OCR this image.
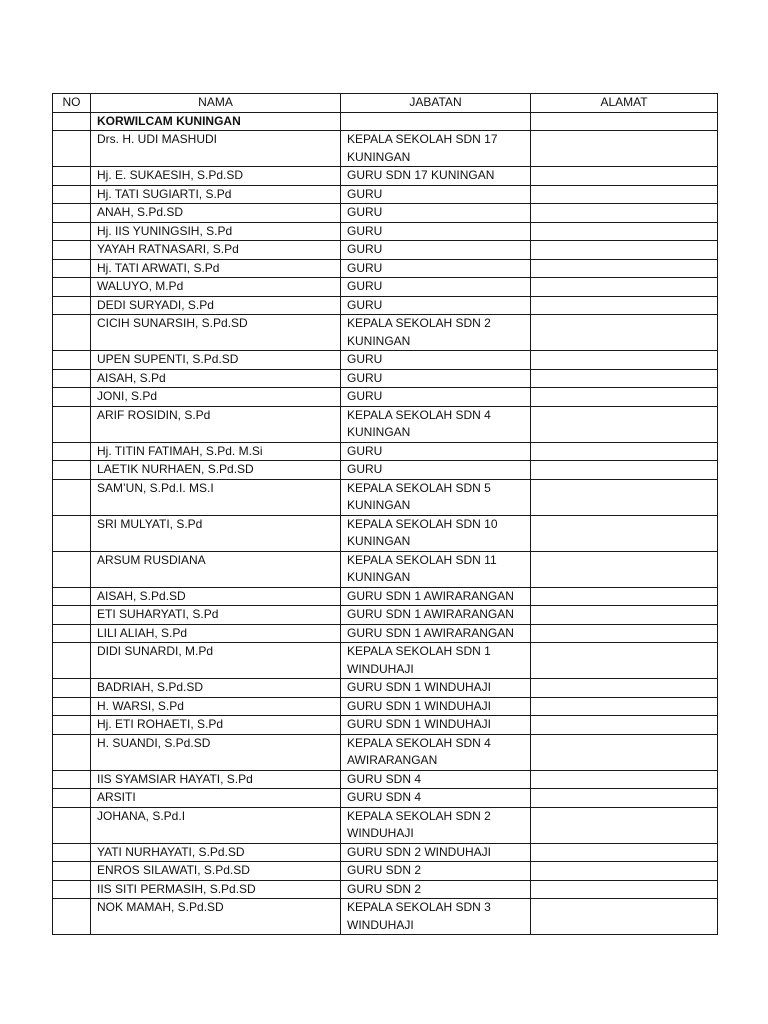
NO	NAMA	JABATAN	ALAMAT
	KORWILCAM KUNINGAN		
	Drs. H. UDI MASHUDI	KEPALA SEKOLAH SDN 17 KUNINGAN	
	Hj. E. SUKAESIH, S.Pd.SD	GURU SDN 17 KUNINGAN	
	Hj. TATI SUGIARTI, S.Pd	GURU	
	ANAH, S.Pd.SD	GURU	
	Hj. IIS YUNINGSIH, S.Pd	GURU	
	YAYAH RATNASARI, S.Pd	GURU	
	Hj. TATI ARWATI, S.Pd	GURU	
	WALUYO, M.Pd	GURU	
	DEDI SURYADI, S.Pd	GURU	
	CICIH SUNARSIH, S.Pd.SD	KEPALA SEKOLAH SDN 2 KUNINGAN	
	UPEN SUPENTI, S.Pd.SD	GURU	
	AISAH, S.Pd	GURU	
	JONI, S.Pd	GURU	
	ARIF ROSIDIN, S.Pd	KEPALA SEKOLAH SDN 4 KUNINGAN	
	Hj. TITIN FATIMAH, S.Pd. M.Si	GURU	
	LAETIK NURHAEN, S.Pd.SD	GURU	
	SAM’UN, S.Pd.I. MS.I	KEPALA SEKOLAH SDN 5 KUNINGAN	
	SRI MULYATI, S.Pd	KEPALA SEKOLAH SDN 10 KUNINGAN	
	ARSUM RUSDIANA	KEPALA SEKOLAH SDN 11 KUNINGAN	
	AISAH, S.Pd.SD	GURU SDN 1 AWIRARANGAN	
	ETI SUHARYATI, S.Pd	GURU SDN 1 AWIRARANGAN	
	LILI ALIAH, S.Pd	GURU SDN 1 AWIRARANGAN	
	DIDI SUNARDI, M.Pd	KEPALA SEKOLAH SDN 1 WINDUHAJI	
	BADRIAH, S.Pd.SD	GURU SDN 1 WINDUHAJI	
	H. WARSI, S.Pd	GURU SDN 1 WINDUHAJI	
	Hj. ETI ROHAETI, S.Pd	GURU SDN 1 WINDUHAJI	
	H. SUANDI, S.Pd.SD	KEPALA SEKOLAH SDN 4 AWIRARANGAN	
	IIS SYAMSIAR HAYATI, S.Pd	GURU SDN 4	
	ARSITI	GURU SDN 4	
	JOHANA, S.Pd.I	KEPALA SEKOLAH SDN 2 WINDUHAJI	
	YATI NURHAYATI, S.Pd.SD	GURU SDN 2 WINDUHAJI	
	ENROS SILAWATI, S.Pd.SD	GURU SDN 2	
	IIS SITI PERMASIH, S.Pd.SD	GURU SDN 2	
	NOK MAMAH, S.Pd.SD	KEPALA SEKOLAH SDN 3 WINDUHAJI	
